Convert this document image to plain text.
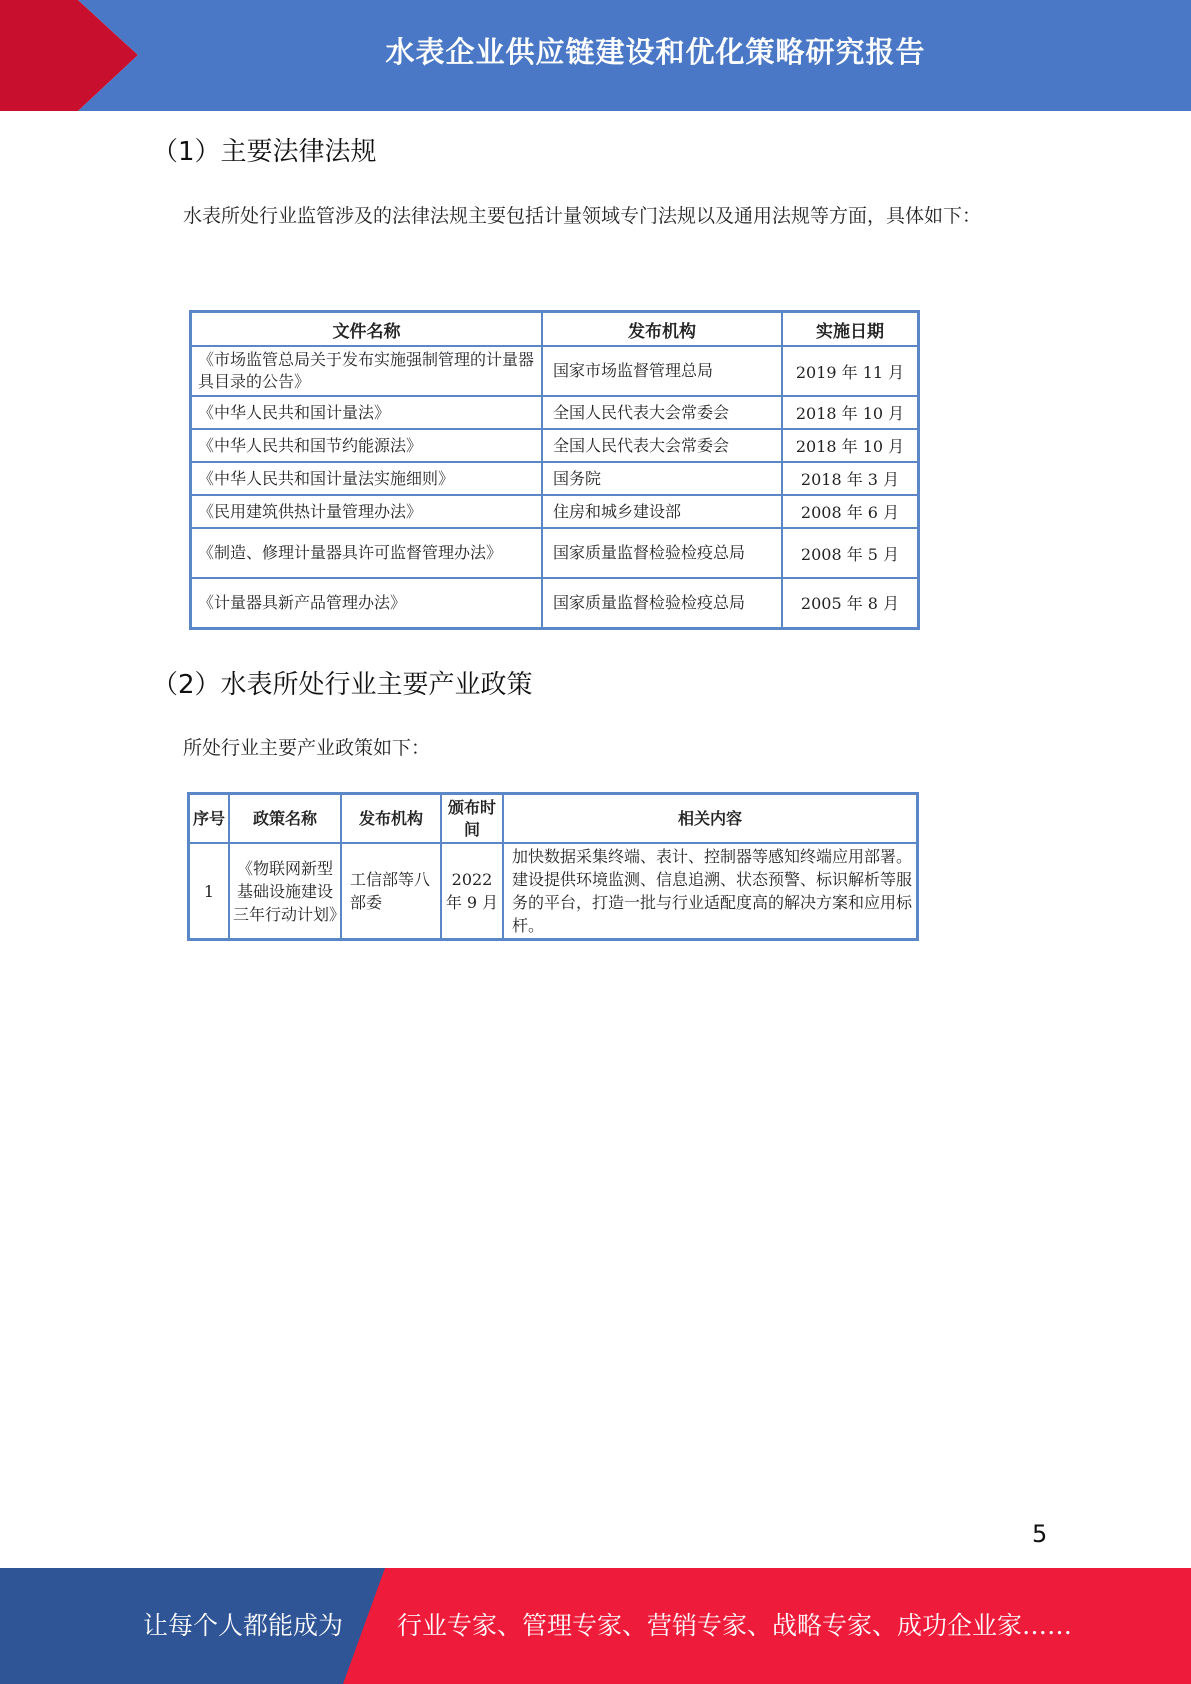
水表企业供应链建设和优化策略研究报告
（1）主要法律法规
水表所处行业监管涉及的法律法规主要包括计量领域专门法规以及通用法规等方面，具体如下：
文件名称	发布机构	实施日期
《市场监管总局关于发布实施强制管理的计量器具目录的公告》	国家市场监督管理总局	2019 年 11 月
《中华人民共和国计量法》	全国人民代表大会常委会	2018 年 10 月
《中华人民共和国节约能源法》	全国人民代表大会常委会	2018 年 10 月
《中华人民共和国计量法实施细则》	国务院	2018 年 3 月
《民用建筑供热计量管理办法》	住房和城乡建设部	2008 年 6 月
《制造、修理计量器具许可监督管理办法》	国家质量监督检验检疫总局	2008 年 5 月
《计量器具新产品管理办法》	国家质量监督检验检疫总局	2005 年 8 月
（2）水表所处行业主要产业政策
所处行业主要产业政策如下：
序号	政策名称	发布机构	颁布时间	相关内容
1	《物联网新型基础设施建设三年行动计划》	工信部等八部委	2022 年 9 月	加快数据采集终端、表计、控制器等感知终端应用部署。建设提供环境监测、信息追溯、状态预警、标识解析等服务的平台，打造一批与行业适配度高的解决方案和应用标杆。
5
让每个人都能成为 行业专家、管理专家、营销专家、战略专家、成功企业家……
